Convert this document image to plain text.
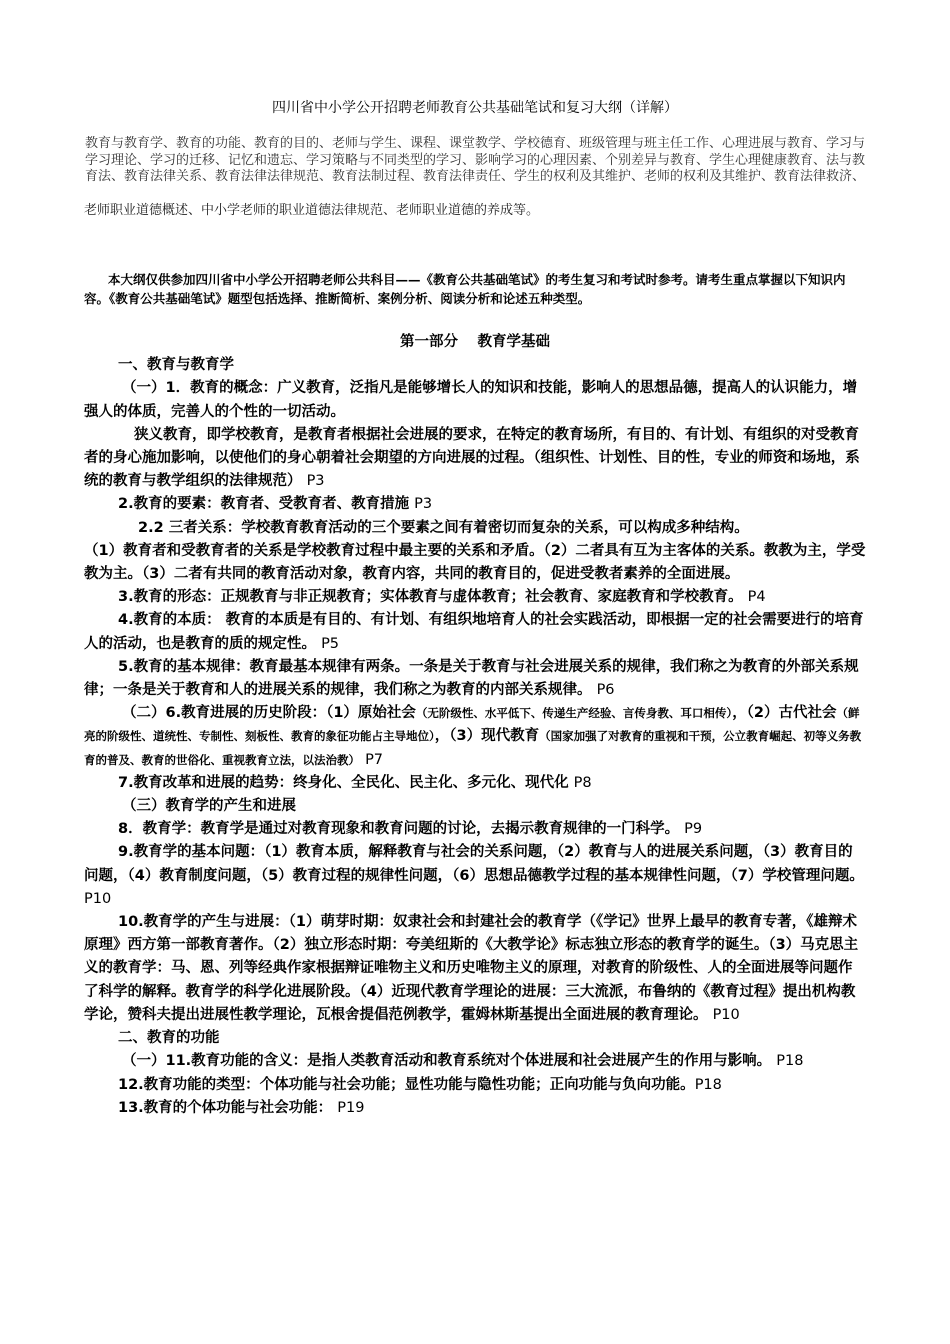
四川省中小学公开招聘老师教育公共基础笔试和复习大纲（详解）
教育与教育学、教育的功能、教育的目的、老师与学生、课程、课堂教学、学校德育、班级管理与班主任工作、心理进展与教育、学习与学习理论、学习的迁移、记忆和遗忘、学习策略与不同类型的学习、影响学习的心理因素、个别差异与教育、学生心理健康教育、法与教育法、教育法律关系、教育法律法律规范、教育法制过程、教育法律责任、学生的权利及其维护、老师的权利及其维护、教育法律救济、
老师职业道德概述、中小学老师的职业道德法律规范、老师职业道德的养成等。
本大纲仅供参加四川省中小学公开招聘老师公共科目——《教育公共基础笔试》的考生复习和考试时参考。请考生重点掌握以下知识内容。《教育公共基础笔试》题型包括选择、推断简析、案例分析、阅读分析和论述五种类型。

第一部分　 教育学基础

一、教育与教育学

（一）1．教育的概念：广义教育，泛指凡是能够增长人的知识和技能，影响人的思想品德，提高人的认识能力，增强人的体质，完善人的个性的一切活动。

狭义教育，即学校教育，是教育者根据社会进展的要求，在特定的教育场所，有目的、有计划、有组织的对受教育者的身心施加影响，以使他们的身心朝着社会期望的方向进展的过程。（组织性、计划性、目的性，专业的师资和场地，系统的教育与教学组织的法律规范） P3

2.教育的要素：教育者、受教育者、教育措施 P3

2.2 三者关系：学校教育教育活动的三个要素之间有着密切而复杂的关系，可以构成多种结构。

（1）教育者和受教育者的关系是学校教育过程中最主要的关系和矛盾。（2）二者具有互为主客体的关系。教教为主，学受教为主。（3）二者有共同的教育活动对象，教育内容，共同的教育目的，促进受教者素养的全面进展。

3.教育的形态：正规教育与非正规教育；实体教育与虚体教育；社会教育、家庭教育和学校教育。 P4

4.教育的本质： 教育的本质是有目的、有计划、有组织地培育人的社会实践活动，即根据一定的社会需要进行的培育人的活动，也是教育的质的规定性。 P5

5.教育的基本规律：教育最基本规律有两条。一条是关于教育与社会进展关系的规律，我们称之为教育的外部关系规律；一条是关于教育和人的进展关系的规律，我们称之为教育的内部关系规律。 P6

（二）6.教育进展的历史阶段：（1）原始社会（无阶级性、水平低下、传递生产经验、言传身教、耳口相传），（2）古代社会（鲜亮的阶级性、道统性、专制性、刻板性、教育的象征功能占主导地位），（3）现代教育（国家加强了对教育的重视和干预，公立教育崛起、初等义务教育的普及、教育的世俗化、重视教育立法，以法治教） P7

7.教育改革和进展的趋势：终身化、全民化、民主化、多元化、现代化 P8

（三）教育学的产生和进展

8．教育学：教育学是通过对教育现象和教育问题的讨论，去揭示教育规律的一门科学。 P9

9.教育学的基本问题：（1）教育本质，解释教育与社会的关系问题，（2）教育与人的进展关系问题，（3）教育目的问题，（4）教育制度问题，（5）教育过程的规律性问题，（6）思想品德教学过程的基本规律性问题，（7）学校管理问题。 P10

10.教育学的产生与进展：（1）萌芽时期：奴隶社会和封建社会的教育学（《学记》世界上最早的教育专著，《雄辩术原理》西方第一部教育著作。（2）独立形态时期：夸美纽斯的《大教学论》标志独立形态的教育学的诞生。（3）马克思主义的教育学：马、恩、列等经典作家根据辩证唯物主义和历史唯物主义的原理，对教育的阶级性、人的全面进展等问题作了科学的解释。教育学的科学化进展阶段。（4）近现代教育学理论的进展：三大流派，布鲁纳的《教育过程》提出机构教学论，赞科夫提出进展性教学理论，瓦根舍提倡范例教学，霍姆林斯基提出全面进展的教育理论。 P10

二、教育的功能

（一）11.教育功能的含义：是指人类教育活动和教育系统对个体进展和社会进展产生的作用与影响。 P18

12.教育功能的类型：个体功能与社会功能；显性功能与隐性功能；正向功能与负向功能。P18

13.教育的个体功能与社会功能： P19
